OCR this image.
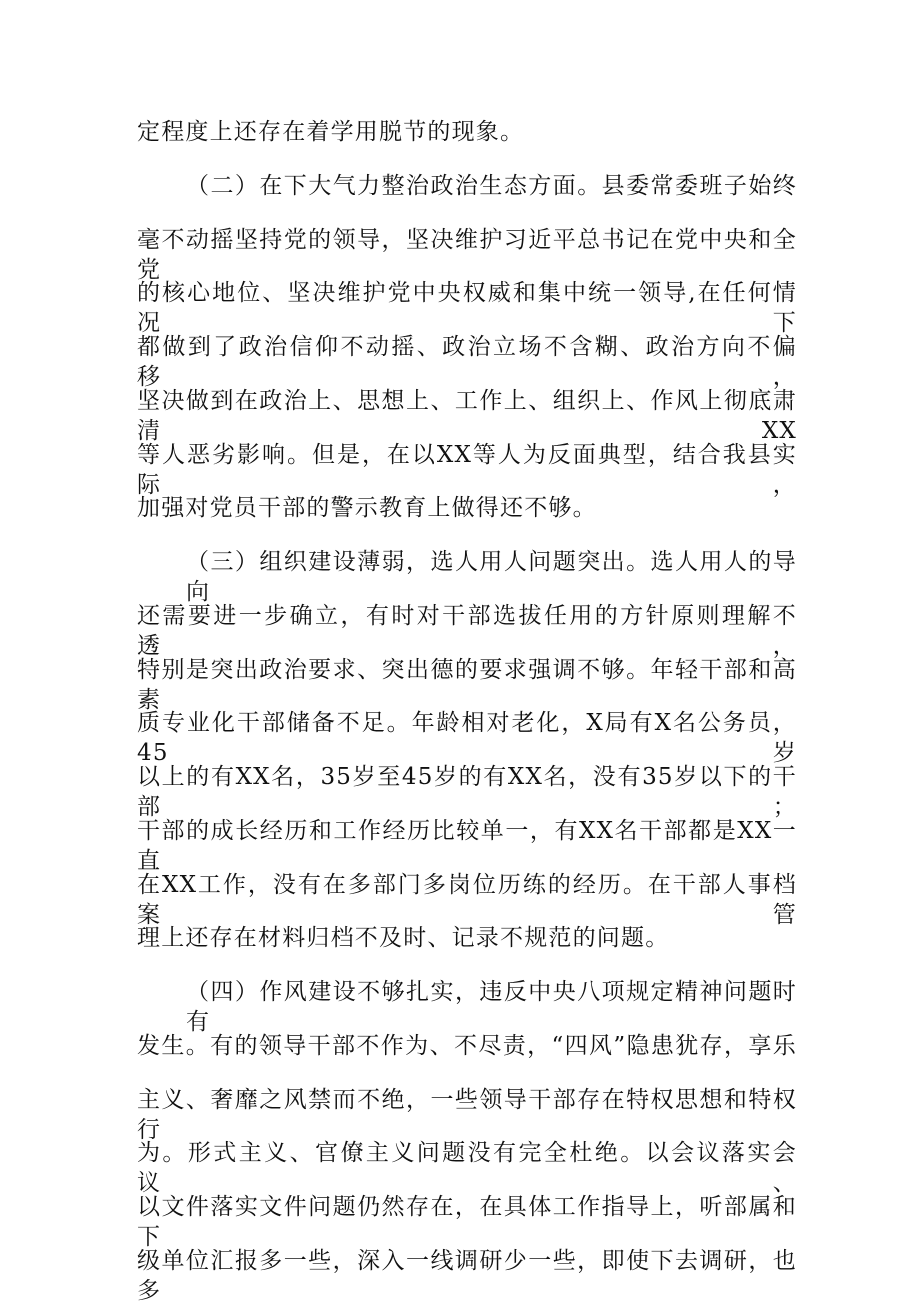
定程度上还存在着学用脱节的现象。
（二）在下大气力整治政治生态方面。县委常委班子始终
毫不动摇坚持党的领导，坚决维护习近平总书记在党中央和全党
的核心地位、坚决维护党中央权威和集中统一领导,在任何情况下
都做到了政治信仰不动摇、政治立场不含糊、政治方向不偏移，
坚决做到在政治上、思想上、工作上、组织上、作风上彻底肃清XX
等人恶劣影响。但是，在以XX等人为反面典型，结合我县实际，
加强对党员干部的警示教育上做得还不够。
（三）组织建设薄弱，选人用人问题突出。选人用人的导向
还需要进一步确立，有时对干部选拔任用的方针原则理解不透，
特别是突出政治要求、突出德的要求强调不够。年轻干部和高素
质专业化干部储备不足。年龄相对老化，X局有X名公务员，45岁
以上的有XX名，35岁至45岁的有XX名，没有35岁以下的干部；
干部的成长经历和工作经历比较单一，有XX名干部都是XX一直
在XX工作，没有在多部门多岗位历练的经历。在干部人事档案管
理上还存在材料归档不及时、记录不规范的问题。
（四）作风建设不够扎实，违反中央八项规定精神问题时有
发生。有的领导干部不作为、不尽责，“四风”隐患犹存，享乐
主义、奢靡之风禁而不绝，一些领导干部存在特权思想和特权行
为。形式主义、官僚主义问题没有完全杜绝。以会议落实会议、
以文件落实文件问题仍然存在，在具体工作指导上，听部属和下
级单位汇报多一些，深入一线调研少一些，即使下去调研，也多
